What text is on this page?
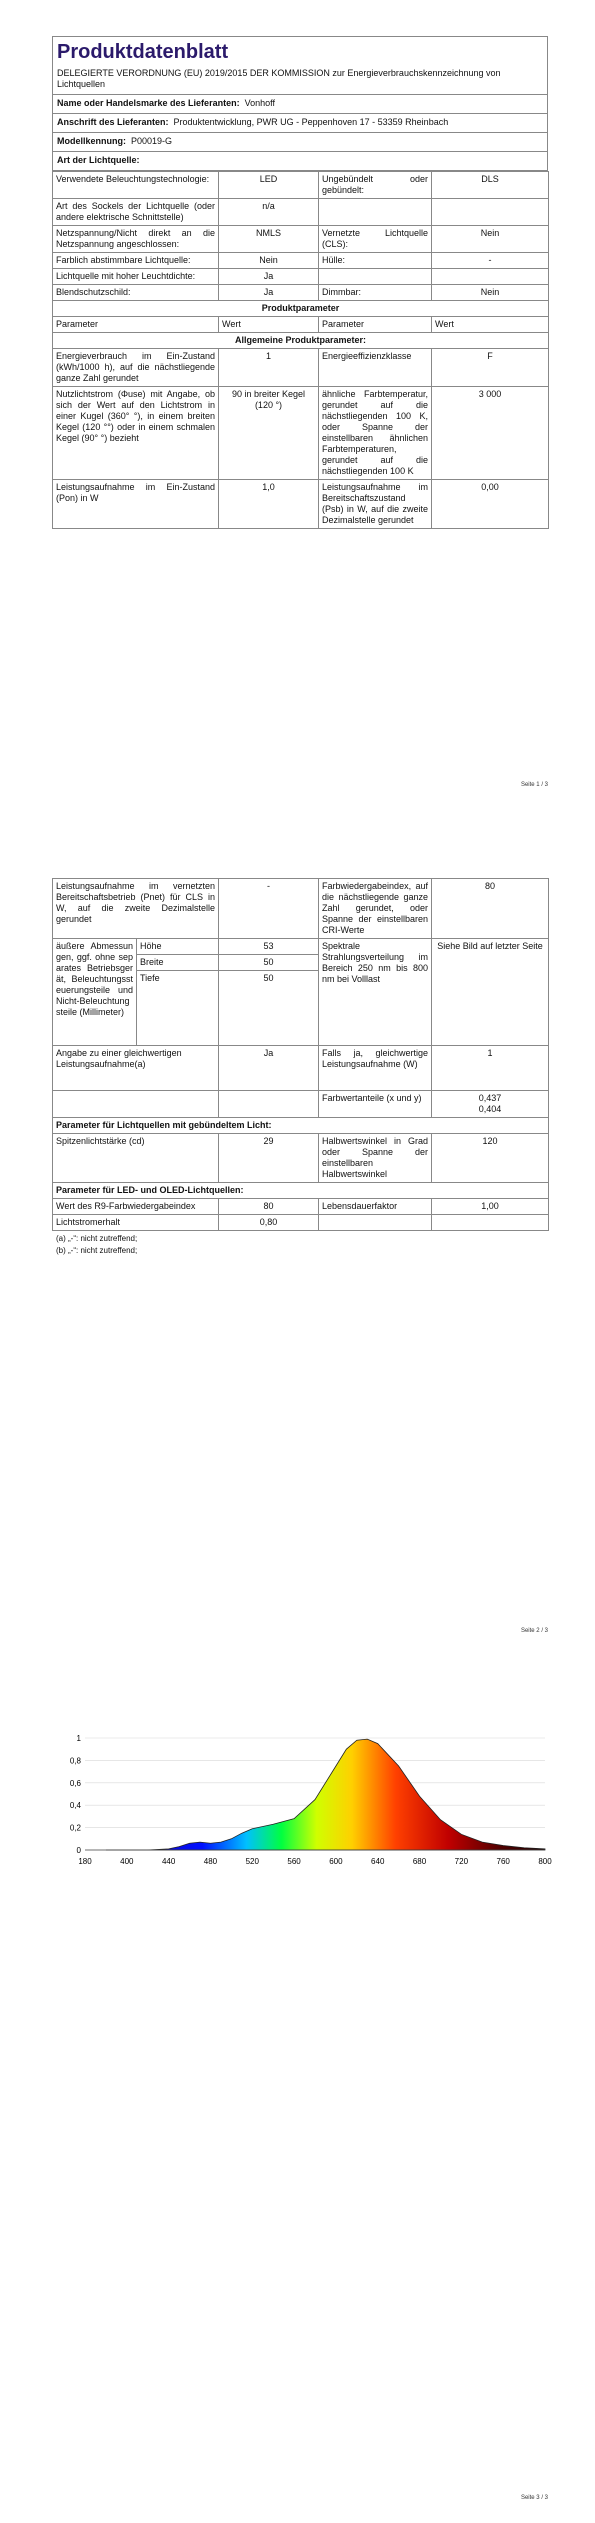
Produktdatenblatt
DELEGIERTE VERORDNUNG (EU) 2019/2015 DER KOMMISSION zur Energieverbrauchskennzeichnung von Lichtquellen
Name oder Handelsmarke des Lieferanten: Vonhoff
Anschrift des Lieferanten: Produktentwicklung, PWR UG - Peppenhoven 17 - 53359 Rheinbach
Modellkennung: P00019-G
Art der Lichtquelle:
Verwendete Beleuchtungstechnologie:	LED	Ungebündelt oder gebündelt:	DLS
Art des Sockels der Lichtquelle (oder andere elektrische Schnittstelle)	n/a		
Netzspannung/Nicht direkt an die Netzspannung angeschlossen:	NMLS	Vernetzte Lichtquelle (CLS):	Nein
Farblich abstimmbare Lichtquelle:	Nein	Hülle:	-
Lichtquelle mit hoher Leuchtdichte:	Ja		
Blendschutzschild:	Ja	Dimmbar:	Nein
Produktparameter			
Parameter	Wert	Parameter	Wert
Allgemeine Produktparameter:			
Energieverbrauch im Ein-Zustand (kWh/1000 h), auf die nächstliegende ganze Zahl gerundet	1	Energieeffizienzklasse	F
Nutzlichtstrom (Φuse) mit Angabe, ob sich der Wert auf den Lichtstrom in einer Kugel (360° °), in einem breiten Kegel (120 °°) oder in einem schmalen Kegel (90° °) bezieht	90 in breiter Kegel (120 °)	ähnliche Farbtemperatur, gerundet auf die nächstliegenden 100 K, oder Spanne der einstellbaren ähnlichen Farbtemperaturen, gerundet auf die nächstliegenden 100 K	3 000
Leistungsaufnahme im Ein-Zustand (Pon) in W	1,0	Leistungsaufnahme im Bereitschaftszustand (Psb) in W, auf die zweite Dezimalstelle gerundet	0,00
Seite 1 / 3
Leistungsaufnahme im vernetzten Bereitschaftsbetrieb (Pnet) für CLS in W, auf die zweite Dezimalstelle gerundet		-	Farbwiedergabeindex, auf die nächstliegende ganze Zahl gerundet, oder Spanne der einstellbaren CRI-Werte	80
äußere Abmessungen, ggf. ohne separates Betriebsgerät, Beleuchtungssteuerungsteile und Nicht-Beleuchtungsteile (Millimeter)	Höhe	53	Spektrale Strahlungsverteilung im Bereich 250 nm bis 800 nm bei Volllast	Siehe Bild auf letzter Seite
	Breite	50		
	Tiefe	50		
Angabe zu einer gleichwertigen Leistungsaufnahme(a)		Ja	Falls ja, gleichwertige Leistungsaufnahme (W)	1
			Farbwertanteile (x und y)	0,437
0,404
Parameter für Lichtquellen mit gebündeltem Licht:				
Spitzenlichtstärke (cd)		29	Halbwertswinkel in Grad oder Spanne der einstellbaren Halbwertswinkel	120
Parameter für LED- und OLED-Lichtquellen:				
Wert des R9-Farbwiedergabeindex		80	Lebensdauerfaktor	1,00
Lichtstromerhalt		0,80		
(a) „-“: nicht zutreffend;
(b) „-“: nicht zutreffend;
Seite 2 / 3
0
0,2
0,4
0,6
0,8
1
180	400	440	480	520	560	600	640	680	720	760	800
Seite 3 / 3
